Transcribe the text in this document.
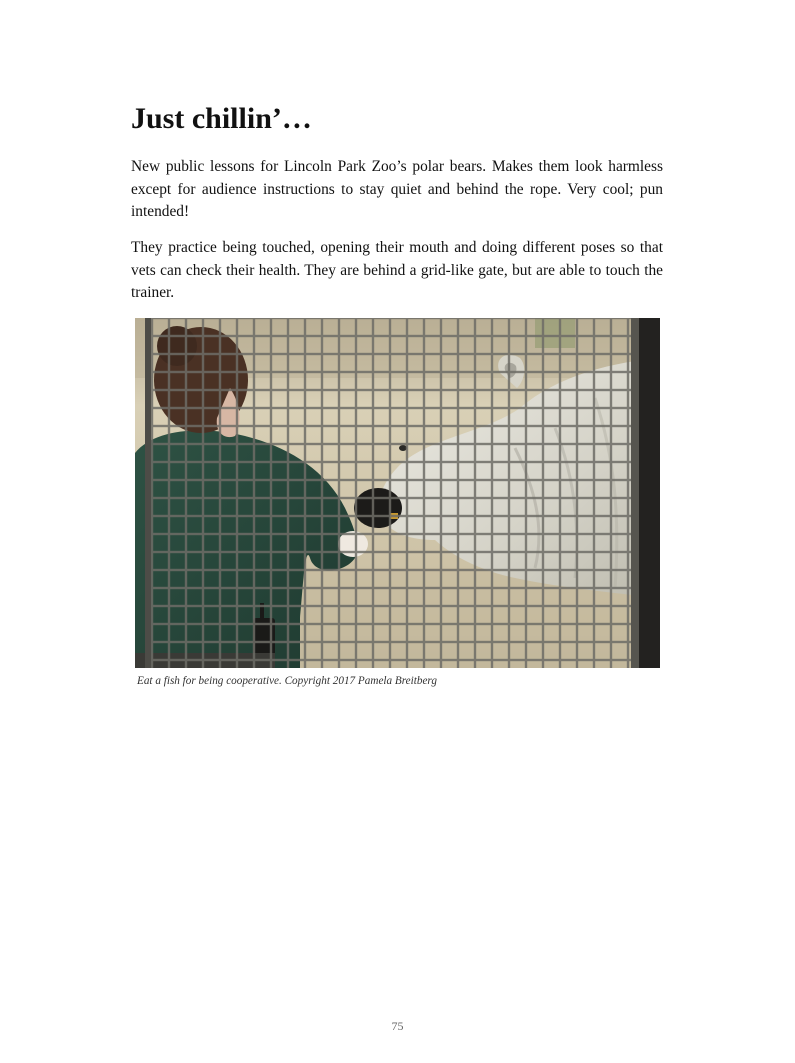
Just chillin’…

New public lessons for Lincoln Park Zoo’s polar bears. Makes them look harmless except for audience instructions to stay quiet and behind the rope. Very cool; pun intended!

They practice being touched, opening their mouth and doing different poses so that vets can check their health. They are behind a grid-like gate, but are able to touch the trainer.

Eat a fish for being cooperative. Copyright 2017 Pamela Breitberg

75
